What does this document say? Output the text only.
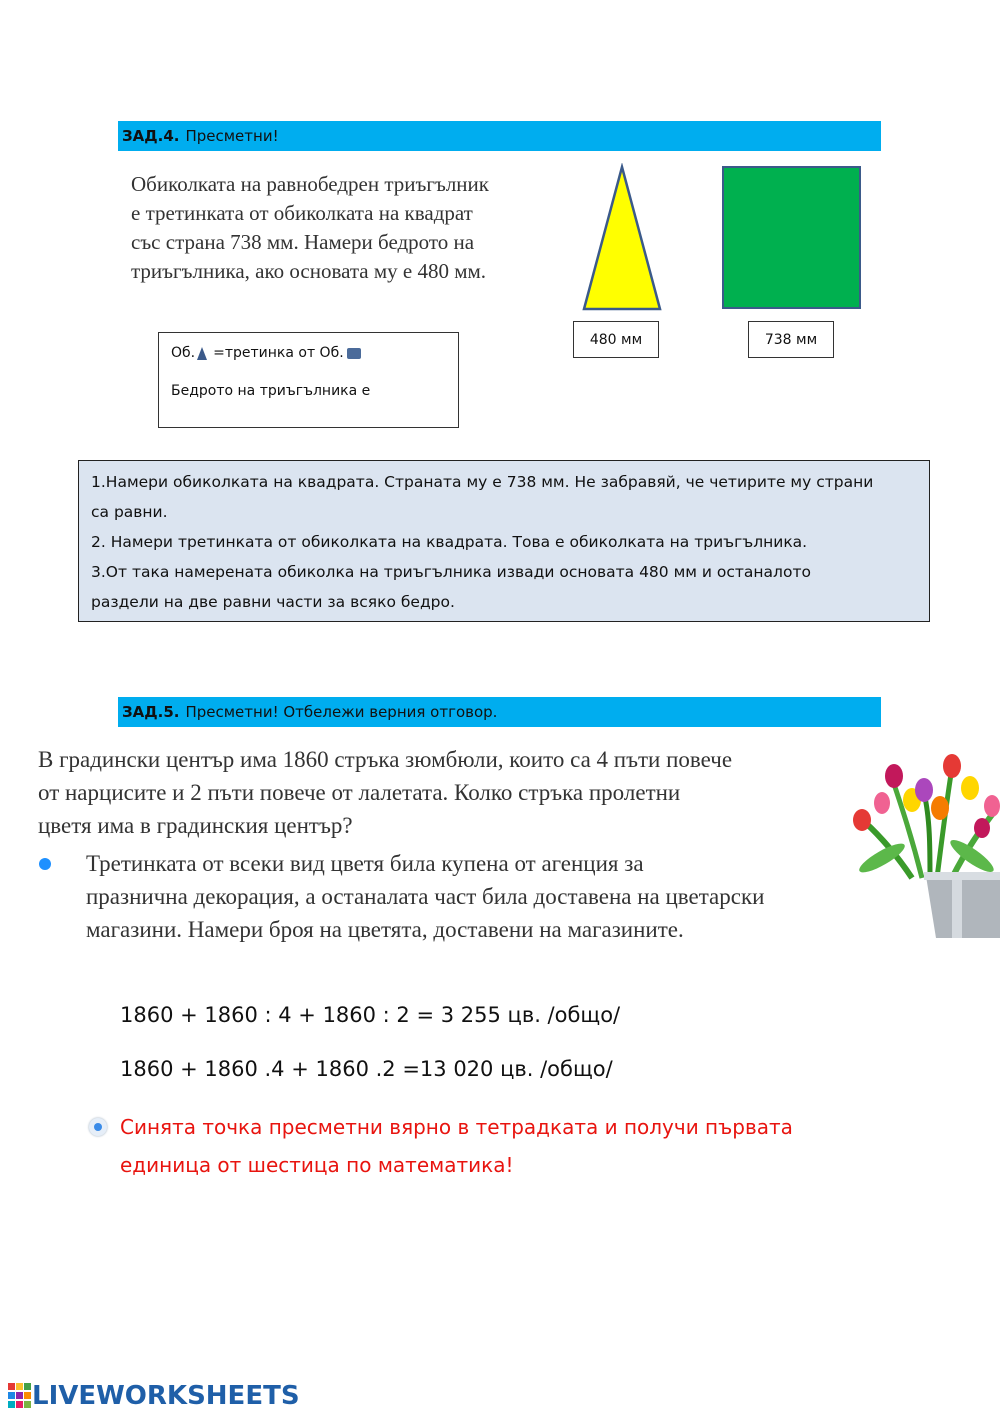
ЗАД.4. Пресметни!
Обиколката на равнобедрен триъгълник
е третинката от обиколката на квадрат
със страна 738 мм. Намери бедрото на
триъгълника, ако основата му е 480 мм.
480 мм	738 мм
Об. =третинка от Об.
Бедрото на триъгълника е
1.Намери обиколката на квадрата. Страната му е 738 мм. Не забравяй, че четирите му страни
са равни.
2. Намери третинката от обиколката на квадрата. Това е обиколката на триъгълника.
3.От така намерената обиколка на триъгълника извади основата 480 мм и останалото
раздели на две равни части за всяко бедро.
ЗАД.5. Пресметни! Отбележи верния отговор.
В градински център има 1860 стръка зюмбюли, които са 4 пъти повече
от нарцисите и 2 пъти повече от лалетата. Колко стръка пролетни
цветя има в градинския център?
Третинката от всеки вид цветя била купена от агенция за
празнична декорация, а останалата част била доставена на цветарски
магазини. Намери броя на цветята, доставени на магазините.
1860 + 1860 : 4 + 1860 : 2 = 3 255 цв. /общо/
1860 + 1860 .4 + 1860 .2 =13 020 цв. /общо/
Синята точка пресметни вярно в тетрадката и получи първата
единица от шестица по математика!
LIVEWORKSHEETS
